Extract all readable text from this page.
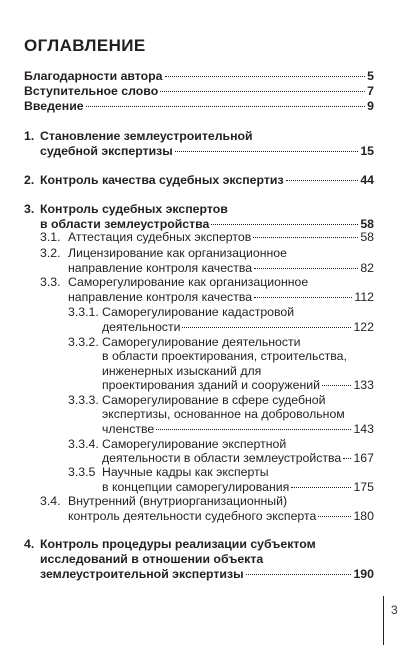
ОГЛАВЛЕНИЕ
Благодарности автора	5
Вступительное слово	7
Введение	9
1. Становление землеустроительной
судебной экспертизы	15
2. Контроль качества судебных экспертиз	44
3. Контроль судебных экспертов
в области землеустройства	58
3.1. Аттестация судебных экспертов	58
3.2. Лицензирование как организационное
направление контроля качества	82
3.3. Саморегулирование как организационное
направление контроля качества	112
3.3.1. Саморегулирование кадастровой
деятельности	122
3.3.2. Саморегулирование деятельности
в области проектирования, строительства,
инженерных изысканий для
проектирования зданий и сооружений	133
3.3.3. Саморегулирование в сфере судебной
экспертизы, основанное на добровольном
членстве	143
3.3.4. Саморегулирование экспертной
деятельности в области землеустройства 167
3.3.5 Научные кадры как эксперты
в концепции саморегулирования	175
3.4. Внутренний (внутриорганизационный)
контроль деятельности судебного эксперта	180
4. Контроль процедуры реализации субъектом
исследований в отношении объекта
землеустроительной экспертизы	190
3
